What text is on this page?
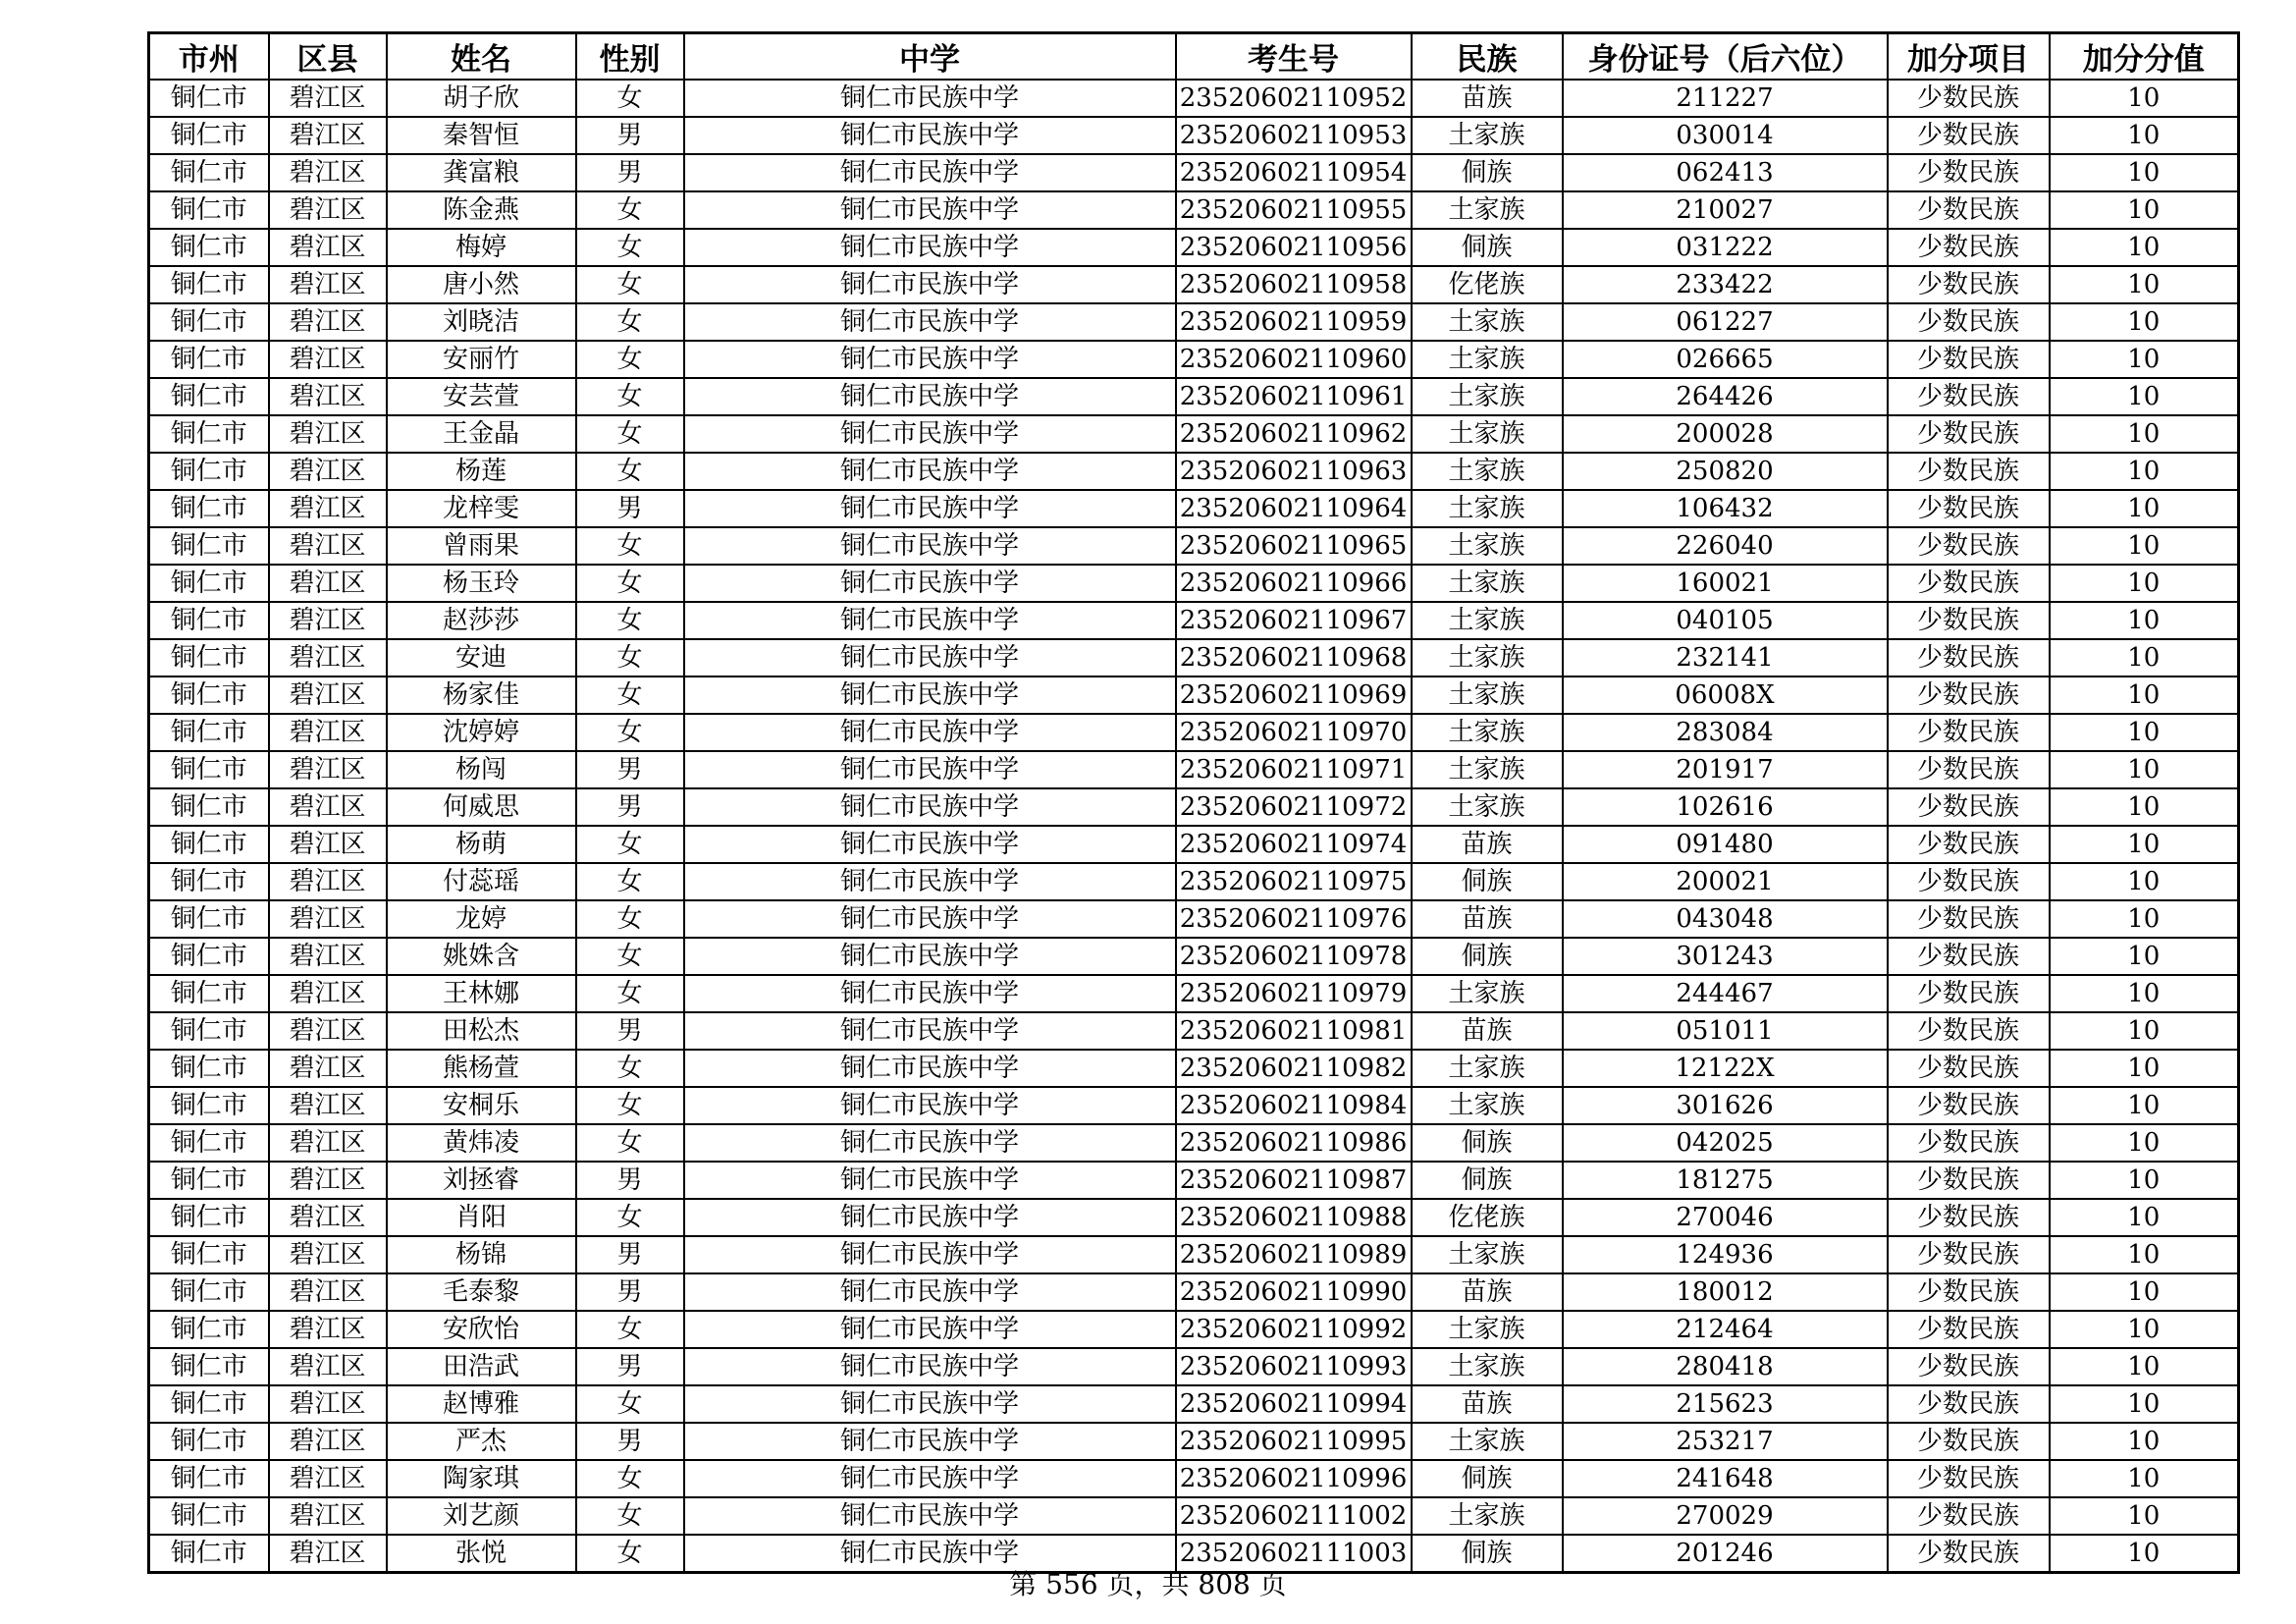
市州	区县	姓名	性别	中学	考生号	民族	身份证号（后六位）	加分项目	加分分值
铜仁市	碧江区	胡子欣	女	铜仁市民族中学	23520602110952	苗族	211227	少数民族	10
铜仁市	碧江区	秦智恒	男	铜仁市民族中学	23520602110953	土家族	030014	少数民族	10
铜仁市	碧江区	龚富粮	男	铜仁市民族中学	23520602110954	侗族	062413	少数民族	10
铜仁市	碧江区	陈金燕	女	铜仁市民族中学	23520602110955	土家族	210027	少数民族	10
铜仁市	碧江区	梅婷	女	铜仁市民族中学	23520602110956	侗族	031222	少数民族	10
铜仁市	碧江区	唐小然	女	铜仁市民族中学	23520602110958	仡佬族	233422	少数民族	10
铜仁市	碧江区	刘晓洁	女	铜仁市民族中学	23520602110959	土家族	061227	少数民族	10
铜仁市	碧江区	安丽竹	女	铜仁市民族中学	23520602110960	土家族	026665	少数民族	10
铜仁市	碧江区	安芸萱	女	铜仁市民族中学	23520602110961	土家族	264426	少数民族	10
铜仁市	碧江区	王金晶	女	铜仁市民族中学	23520602110962	土家族	200028	少数民族	10
铜仁市	碧江区	杨莲	女	铜仁市民族中学	23520602110963	土家族	250820	少数民族	10
铜仁市	碧江区	龙梓雯	男	铜仁市民族中学	23520602110964	土家族	106432	少数民族	10
铜仁市	碧江区	曾雨果	女	铜仁市民族中学	23520602110965	土家族	226040	少数民族	10
铜仁市	碧江区	杨玉玲	女	铜仁市民族中学	23520602110966	土家族	160021	少数民族	10
铜仁市	碧江区	赵莎莎	女	铜仁市民族中学	23520602110967	土家族	040105	少数民族	10
铜仁市	碧江区	安迪	女	铜仁市民族中学	23520602110968	土家族	232141	少数民族	10
铜仁市	碧江区	杨家佳	女	铜仁市民族中学	23520602110969	土家族	06008X	少数民族	10
铜仁市	碧江区	沈婷婷	女	铜仁市民族中学	23520602110970	土家族	283084	少数民族	10
铜仁市	碧江区	杨闯	男	铜仁市民族中学	23520602110971	土家族	201917	少数民族	10
铜仁市	碧江区	何威思	男	铜仁市民族中学	23520602110972	土家族	102616	少数民族	10
铜仁市	碧江区	杨萌	女	铜仁市民族中学	23520602110974	苗族	091480	少数民族	10
铜仁市	碧江区	付蕊瑶	女	铜仁市民族中学	23520602110975	侗族	200021	少数民族	10
铜仁市	碧江区	龙婷	女	铜仁市民族中学	23520602110976	苗族	043048	少数民族	10
铜仁市	碧江区	姚姝含	女	铜仁市民族中学	23520602110978	侗族	301243	少数民族	10
铜仁市	碧江区	王林娜	女	铜仁市民族中学	23520602110979	土家族	244467	少数民族	10
铜仁市	碧江区	田松杰	男	铜仁市民族中学	23520602110981	苗族	051011	少数民族	10
铜仁市	碧江区	熊杨萱	女	铜仁市民族中学	23520602110982	土家族	12122X	少数民族	10
铜仁市	碧江区	安桐乐	女	铜仁市民族中学	23520602110984	土家族	301626	少数民族	10
铜仁市	碧江区	黄炜凌	女	铜仁市民族中学	23520602110986	侗族	042025	少数民族	10
铜仁市	碧江区	刘拯睿	男	铜仁市民族中学	23520602110987	侗族	181275	少数民族	10
铜仁市	碧江区	肖阳	女	铜仁市民族中学	23520602110988	仡佬族	270046	少数民族	10
铜仁市	碧江区	杨锦	男	铜仁市民族中学	23520602110989	土家族	124936	少数民族	10
铜仁市	碧江区	毛泰黎	男	铜仁市民族中学	23520602110990	苗族	180012	少数民族	10
铜仁市	碧江区	安欣怡	女	铜仁市民族中学	23520602110992	土家族	212464	少数民族	10
铜仁市	碧江区	田浩武	男	铜仁市民族中学	23520602110993	土家族	280418	少数民族	10
铜仁市	碧江区	赵博雅	女	铜仁市民族中学	23520602110994	苗族	215623	少数民族	10
铜仁市	碧江区	严杰	男	铜仁市民族中学	23520602110995	土家族	253217	少数民族	10
铜仁市	碧江区	陶家琪	女	铜仁市民族中学	23520602110996	侗族	241648	少数民族	10
铜仁市	碧江区	刘艺颜	女	铜仁市民族中学	23520602111002	土家族	270029	少数民族	10
铜仁市	碧江区	张悦	女	铜仁市民族中学	23520602111003	侗族	201246	少数民族	10
第 556 页，共 808 页
